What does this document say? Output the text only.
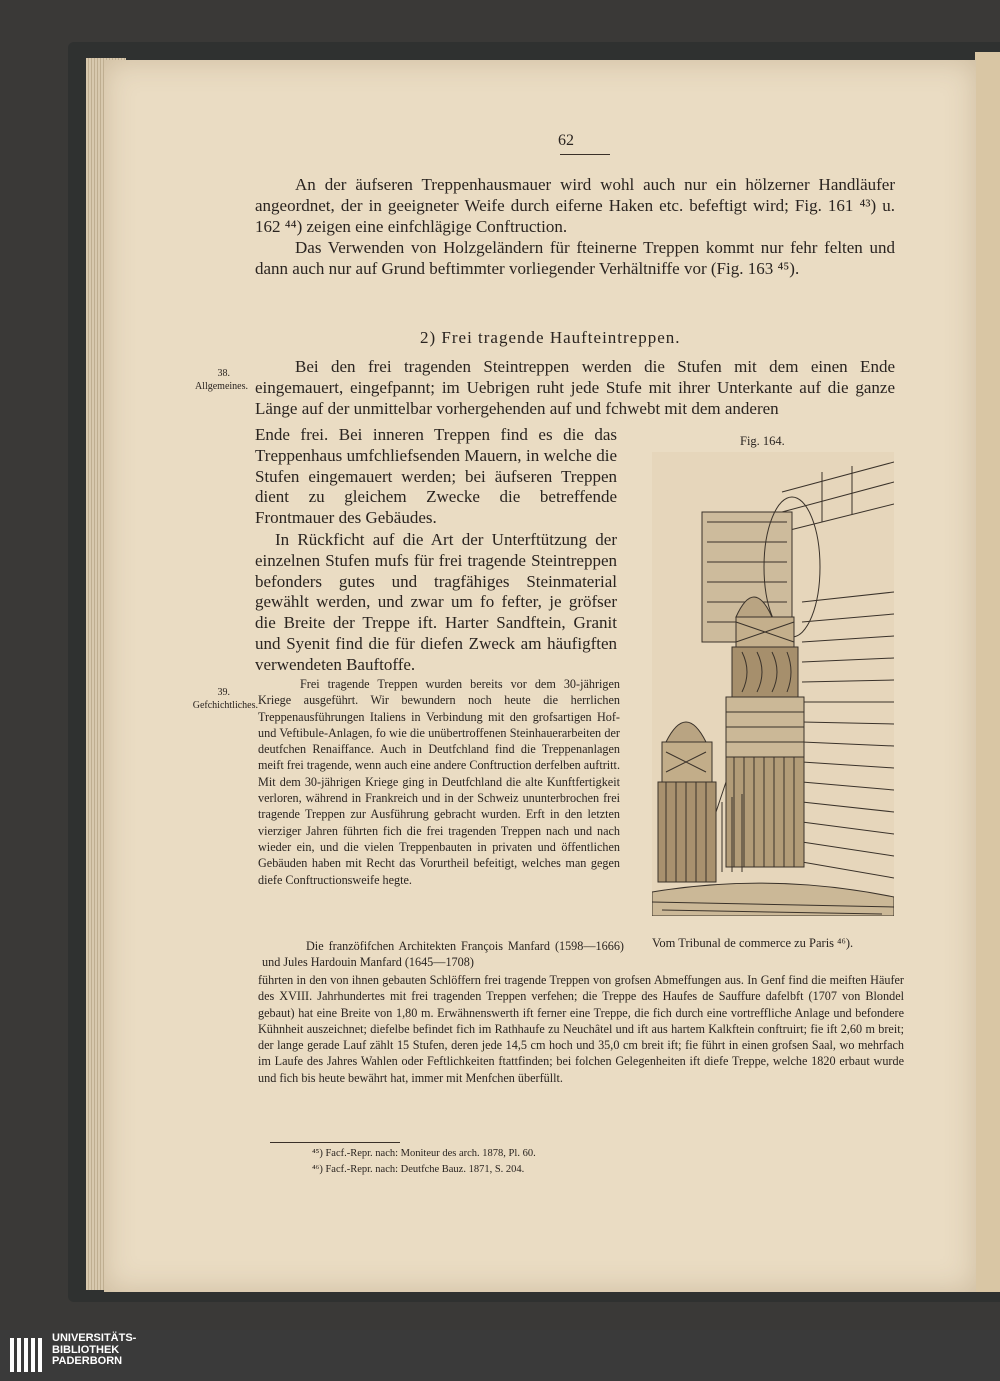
62
An der äufseren Treppenhausmauer wird wohl auch nur ein hölzerner Handläufer angeordnet, der in geeigneter Weife durch eiferne Haken etc. befeftigt wird; Fig. 161 ⁴³) u. 162 ⁴⁴) zeigen eine einfchlägige Conftruction.
Das Verwenden von Holzgeländern für fteinerne Treppen kommt nur fehr felten und dann auch nur auf Grund beftimmter vorliegender Verhältniffe vor (Fig. 163 ⁴⁵).
2) Frei tragende Haufteintreppen.
38.
Allgemeines.
Bei den frei tragenden Steintreppen werden die Stufen mit dem einen Ende eingemauert, eingefpannt; im Uebrigen ruht jede Stufe mit ihrer Unterkante auf die ganze Länge auf der unmittelbar vorhergehenden auf und fchwebt mit dem anderen
Ende frei. Bei inneren Treppen find es die das Treppenhaus umfchliefsenden Mauern, in welche die Stufen eingemauert werden; bei äufseren Treppen dient zu gleichem Zwecke die betreffende Frontmauer des Gebäudes.
In Rückficht auf die Art der Unterftützung der einzelnen Stufen mufs für frei tragende Steintreppen befonders gutes und tragfähiges Steinmaterial gewählt werden, und zwar um fo fefter, je gröfser die Breite der Treppe ift. Harter Sandftein, Granit und Syenit find die für diefen Zweck am häufigften verwendeten Bauftoffe.
39.
Gefchichtliches.
Frei tragende Treppen wurden bereits vor dem 30-jährigen Kriege ausgeführt. Wir bewundern noch heute die herrlichen Treppenausführungen Italiens in Verbindung mit den grofsartigen Hof- und Veftibule-Anlagen, fo wie die unübertroffenen Steinhauerarbeiten der deutfchen Renaiffance. Auch in Deutfchland find die Treppenanlagen meift frei tragende, wenn auch eine andere Conftruction derfelben auftritt. Mit dem 30-jährigen Kriege ging in Deutfchland die alte Kunftfertigkeit verloren, während in Frankreich und in der Schweiz ununterbrochen frei tragende Treppen zur Ausführung gebracht wurden. Erft in den letzten vierziger Jahren führten fich die frei tragenden Treppen nach und nach wieder ein, und die vielen Treppenbauten in privaten und öffentlichen Gebäuden haben mit Recht das Vorurtheil befeitigt, welches man gegen diefe Conftructionsweife hegte.
Die franzöfifchen Architekten François Manfard (1598—1666) und Jules Hardouin Manfard (1645—1708)
führten in den von ihnen gebauten Schlöffern frei tragende Treppen von grofsen Abmeffungen aus. In Genf find die meiften Häufer des XVIII. Jahrhundertes mit frei tragenden Treppen verfehen; die Treppe des Haufes de Sauffure dafelbft (1707 von Blondel gebaut) hat eine Breite von 1,80 m. Erwähnenswerth ift ferner eine Treppe, die fich durch eine vortreffliche Anlage und befondere Kühnheit auszeichnet; diefelbe befindet fich im Rathhaufe zu Neuchâtel und ift aus hartem Kalkftein conftruirt; fie ift 2,60 m breit; der lange gerade Lauf zählt 15 Stufen, deren jede 14,5 cm hoch und 35,0 cm breit ift; fie führt in einen grofsen Saal, wo mehrfach im Laufe des Jahres Wahlen oder Feftlichkeiten ftattfinden; bei folchen Gelegenheiten ift diefe Treppe, welche 1820 erbaut wurde und fich bis heute bewährt hat, immer mit Menfchen überfüllt.
Fig. 164.
Vom Tribunal de commerce zu Paris ⁴⁶).
⁴⁵) Facf.-Repr. nach: Moniteur des arch. 1878, Pl. 60.
⁴⁶) Facf.-Repr. nach: Deutfche Bauz. 1871, S. 204.
UNIVERSITÄTS-
BIBLIOTHEK
PADERBORN
